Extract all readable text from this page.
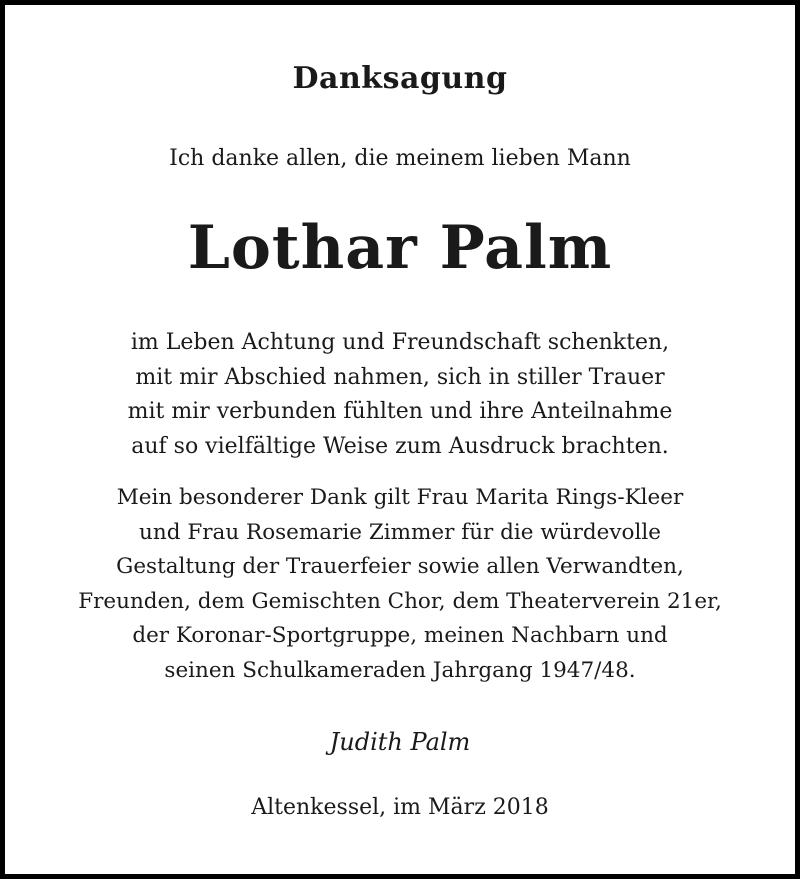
Danksagung
Ich danke allen, die meinem lieben Mann
Lothar Palm
im Leben Achtung und Freundschaft schenkten,
mit mir Abschied nahmen, sich in stiller Trauer
mit mir verbunden fühlten und ihre Anteilnahme
auf so vielfältige Weise zum Ausdruck brachten.
Mein besonderer Dank gilt Frau Marita Rings-Kleer
und Frau Rosemarie Zimmer für die würdevolle
Gestaltung der Trauerfeier sowie allen Verwandten,
Freunden, dem Gemischten Chor, dem Theaterverein 21er,
der Koronar-Sportgruppe, meinen Nachbarn und
seinen Schulkameraden Jahrgang 1947/48.
Judith Palm
Altenkessel, im März 2018
